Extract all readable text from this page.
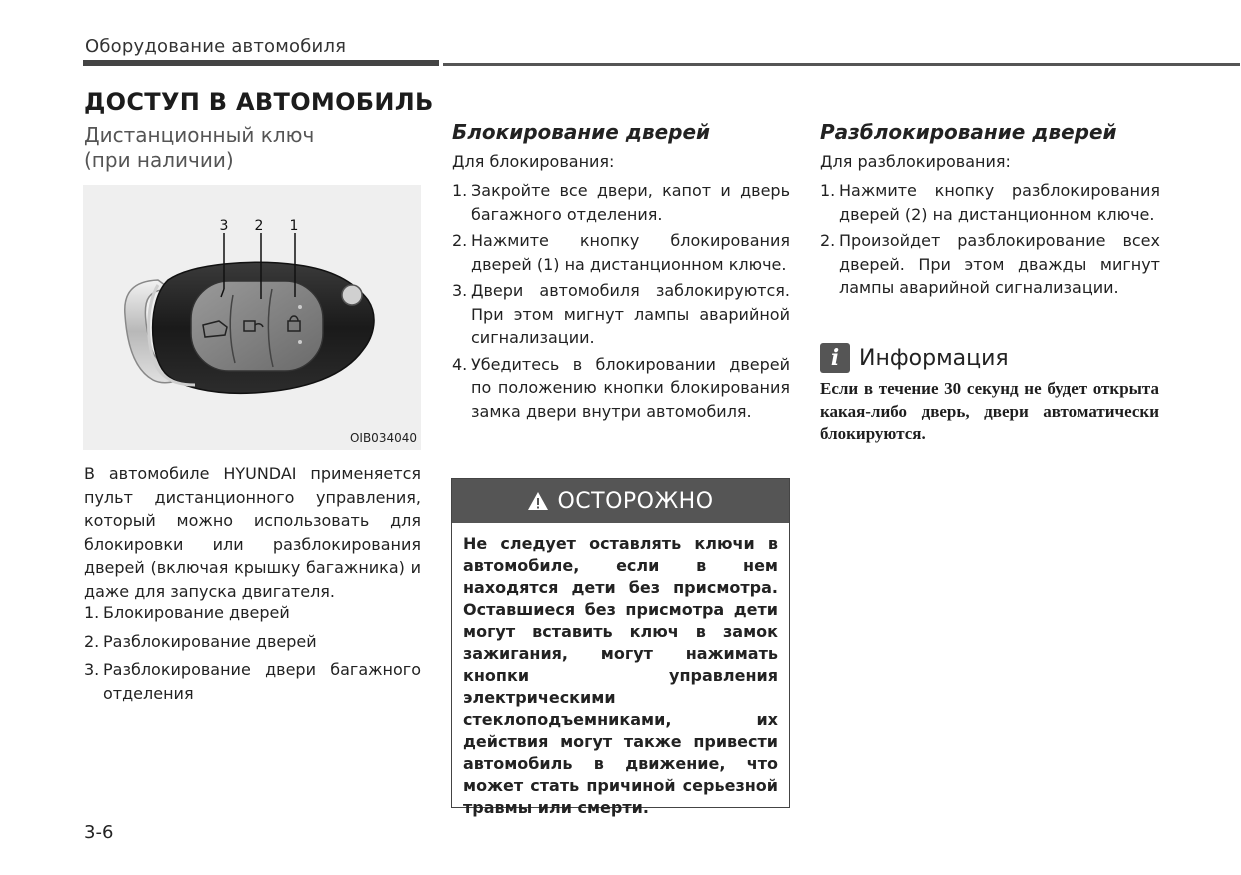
Оборудование автомобиля
ДОСТУП В АВТОМОБИЛЬ
Дистанционный ключ
(при наличии)
3 2 1
OIB034040

В автомобиле HYUNDAI применяется пульт дистанционного управления, который можно использовать для блокировки или разблокирования дверей (включая крышку багажника) и даже для запуска двигателя.

1. Блокирование дверей
2. Разблокирование дверей
3. Разблокирование двери багажного отделения
Блокирование дверей
Для блокирования:
1. Закройте все двери, капот и дверь багажного отделения.
2. Нажмите кнопку блокирования дверей (1) на дистанционном ключе.
3. Двери автомобиля заблокируются. При этом мигнут лампы аварийной сигнализации.
4. Убедитесь в блокировании дверей по положению кнопки блокирования замка двери внутри автомобиля.
ОСТОРОЖНО
Не следует оставлять ключи в автомобиле, если в нем находятся дети без присмотра. Оставшиеся без присмотра дети могут вставить ключ в замок зажигания, могут нажимать кнопки управления электрическими стеклоподъемниками, их действия могут также привести автомобиль в движение, что может стать причиной серьезной травмы или смерти.
Разблокирование дверей
Для разблокирования:
1. Нажмите кнопку разблокирования дверей (2) на дистанционном ключе.
2. Произойдет разблокирование всех дверей. При этом дважды мигнут лампы аварийной сигнализации.
i Информация
Если в течение 30 секунд не будет открыта какая-либо дверь, двери автоматически блокируются.
3-6
